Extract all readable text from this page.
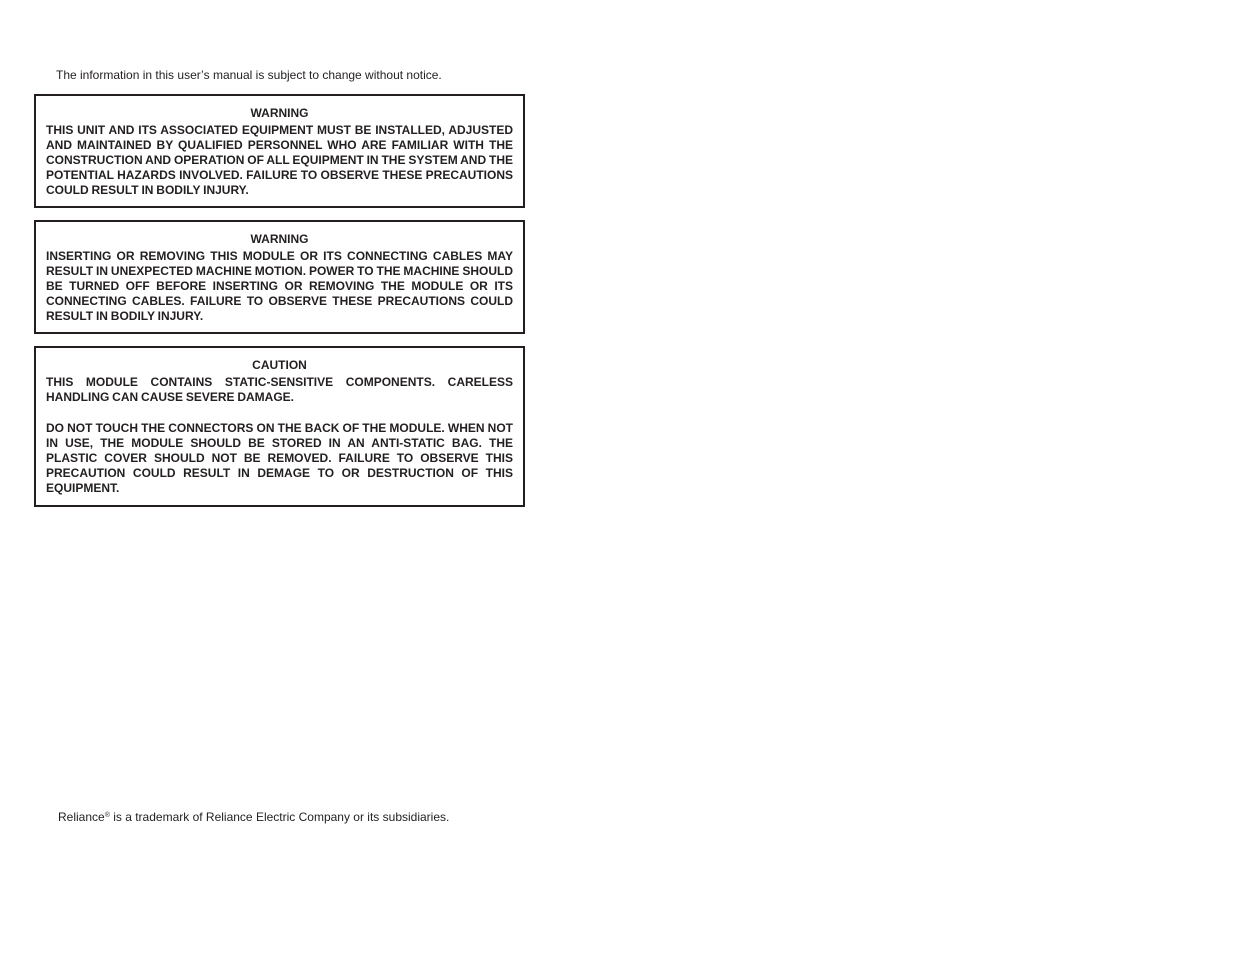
The information in this user’s manual is subject to change without notice.
WARNING

THIS UNIT AND ITS ASSOCIATED EQUIPMENT MUST BE INSTALLED, ADJUSTED AND MAINTAINED BY QUALIFIED PERSONNEL WHO ARE FAMILIAR WITH THE CONSTRUCTION AND OPERATION OF ALL EQUIPMENT IN THE SYSTEM AND THE POTENTIAL HAZARDS INVOLVED. FAILURE TO OBSERVE THESE PRECAUTIONS COULD RESULT IN BODILY INJURY.

WARNING

INSERTING OR REMOVING THIS MODULE OR ITS CONNECTING CABLES MAY RESULT IN UNEXPECTED MACHINE MOTION. POWER TO THE MACHINE SHOULD BE TURNED OFF BEFORE INSERTING OR REMOVING THE MODULE OR ITS CONNECTING CABLES. FAILURE TO OBSERVE THESE PRECAUTIONS COULD RESULT IN BODILY INJURY.

CAUTION

THIS MODULE CONTAINS STATIC-SENSITIVE COMPONENTS. CARELESS HANDLING CAN CAUSE SEVERE DAMAGE.

DO NOT TOUCH THE CONNECTORS ON THE BACK OF THE MODULE. WHEN NOT IN USE, THE MODULE SHOULD BE STORED IN AN ANTI-STATIC BAG. THE PLASTIC COVER SHOULD NOT BE REMOVED. FAILURE TO OBSERVE THIS PRECAUTION COULD RESULT IN DEMAGE TO OR DESTRUCTION OF THIS EQUIPMENT.

Reliance® is a trademark of Reliance Electric Company or its subsidiaries.
